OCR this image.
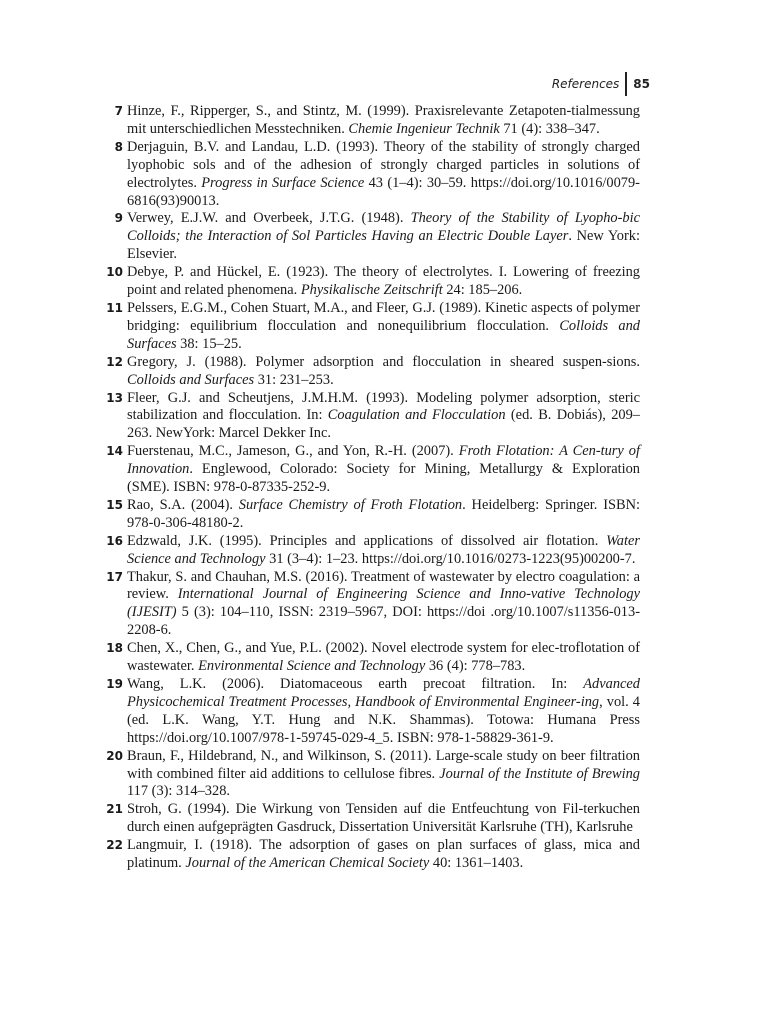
References 85
7 Hinze, F., Ripperger, S., and Stintz, M. (1999). Praxisrelevante Zetapoten-tialmessung mit unterschiedlichen Messtechniken. Chemie Ingenieur Technik 71 (4): 338–347.
8 Derjaguin, B.V. and Landau, L.D. (1993). Theory of the stability of strongly charged lyophobic sols and of the adhesion of strongly charged particles in solutions of electrolytes. Progress in Surface Science 43 (1–4): 30–59. https://doi.org/10.1016/0079-6816(93)90013.
9 Verwey, E.J.W. and Overbeek, J.T.G. (1948). Theory of the Stability of Lyopho-bic Colloids; the Interaction of Sol Particles Having an Electric Double Layer. New York: Elsevier.
10 Debye, P. and Hückel, E. (1923). The theory of electrolytes. I. Lowering of freezing point and related phenomena. Physikalische Zeitschrift 24: 185–206.
11 Pelssers, E.G.M., Cohen Stuart, M.A., and Fleer, G.J. (1989). Kinetic aspects of polymer bridging: equilibrium flocculation and nonequilibrium flocculation. Colloids and Surfaces 38: 15–25.
12 Gregory, J. (1988). Polymer adsorption and flocculation in sheared suspen-sions. Colloids and Surfaces 31: 231–253.
13 Fleer, G.J. and Scheutjens, J.M.H.M. (1993). Modeling polymer adsorption, steric stabilization and flocculation. In: Coagulation and Flocculation (ed. B. Dobiás), 209–263. NewYork: Marcel Dekker Inc.
14 Fuerstenau, M.C., Jameson, G., and Yon, R.-H. (2007). Froth Flotation: A Cen-tury of Innovation. Englewood, Colorado: Society for Mining, Metallurgy & Exploration (SME). ISBN: 978-0-87335-252-9.
15 Rao, S.A. (2004). Surface Chemistry of Froth Flotation. Heidelberg: Springer. ISBN: 978-0-306-48180-2.
16 Edzwald, J.K. (1995). Principles and applications of dissolved air flotation. Water Science and Technology 31 (3–4): 1–23. https://doi.org/10.1016/0273-1223(95)00200-7.
17 Thakur, S. and Chauhan, M.S. (2016). Treatment of wastewater by electro coagulation: a review. International Journal of Engineering Science and Inno-vative Technology (IJESIT) 5 (3): 104–110, ISSN: 2319–5967, DOI: https://doi .org/10.1007/s11356-013-2208-6.
18 Chen, X., Chen, G., and Yue, P.L. (2002). Novel electrode system for elec-troflotation of wastewater. Environmental Science and Technology 36 (4): 778–783.
19 Wang, L.K. (2006). Diatomaceous earth precoat filtration. In: Advanced Physicochemical Treatment Processes, Handbook of Environmental Engineer-ing, vol. 4 (ed. L.K. Wang, Y.T. Hung and N.K. Shammas). Totowa: Humana Press https://doi.org/10.1007/978-1-59745-029-4_5. ISBN: 978-1-58829-361-9.
20 Braun, F., Hildebrand, N., and Wilkinson, S. (2011). Large-scale study on beer filtration with combined filter aid additions to cellulose fibres. Journal of the Institute of Brewing 117 (3): 314–328.
21 Stroh, G. (1994). Die Wirkung von Tensiden auf die Entfeuchtung von Fil-terkuchen durch einen aufgeprägten Gasdruck, Dissertation Universität Karlsruhe (TH), Karlsruhe
22 Langmuir, I. (1918). The adsorption of gases on plan surfaces of glass, mica and platinum. Journal of the American Chemical Society 40: 1361–1403.
